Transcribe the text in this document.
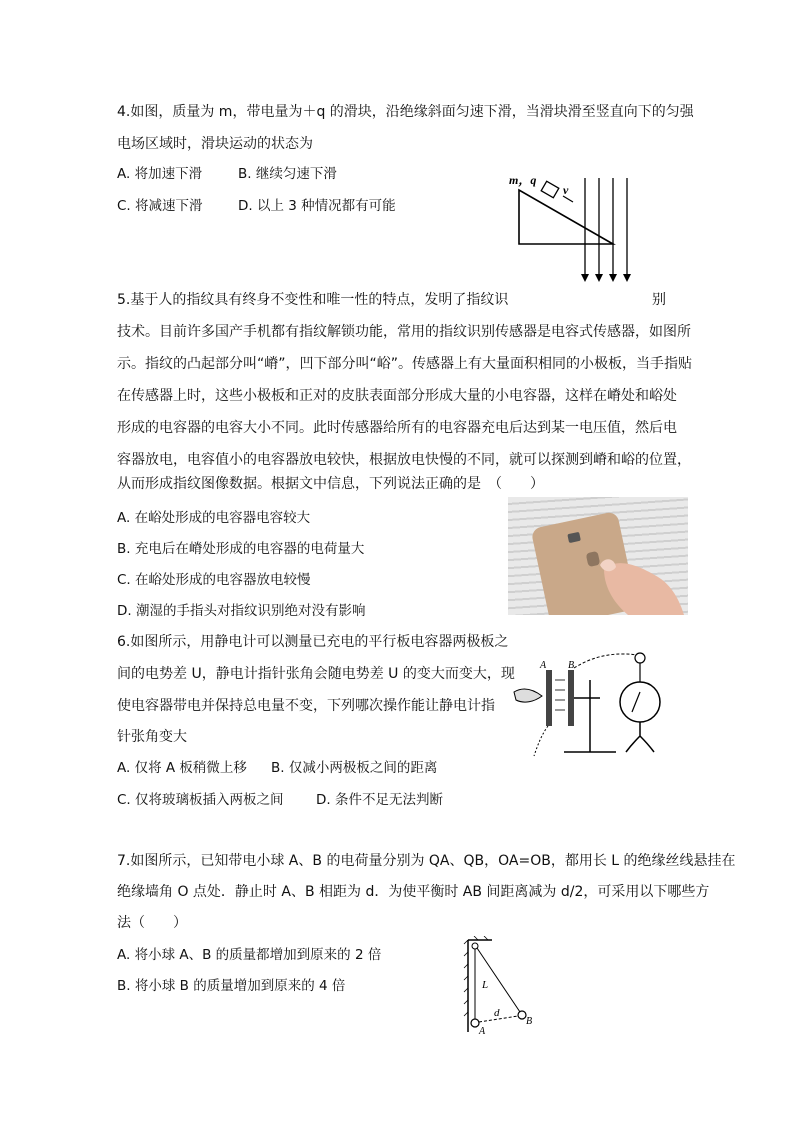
4.如图，质量为 m，带电量为＋q 的滑块，沿绝缘斜面匀速下滑，当滑块滑至竖直向下的匀强
电场区域时，滑块运动的状态为
A. 将加速下滑	B. 继续匀速下滑
C. 将减速下滑	D. 以上 3 种情况都有可能
m，q
v
5.基于人的指纹具有终身不变性和唯一性的特点，发明了指纹识	别
技术。目前许多国产手机都有指纹解锁功能，常用的指纹识别传感器是电容式传感器，如图所
示。指纹的凸起部分叫“嵴”，凹下部分叫“峪”。传感器上有大量面积相同的小极板，当手指贴
在传感器上时，这些小极板和正对的皮肤表面部分形成大量的小电容器，这样在嵴处和峪处
形成的电容器的电容大小不同。此时传感器给所有的电容器充电后达到某一电压值，然后电
容器放电，电容值小的电容器放电较快，根据放电快慢的不同，就可以探测到嵴和峪的位置，
从而形成指纹图像数据。根据文中信息，下列说法正确的是　（　　）
A. 在峪处形成的电容器电容较大
B. 充电后在嵴处形成的电容器的电荷量大
C. 在峪处形成的电容器放电较慢
D. 潮湿的手指头对指纹识别绝对没有影响
6.如图所示，用静电计可以测量已充电的平行板电容器两极板之
间的电势差 U，静电计指针张角会随电势差 U 的变大而变大，现
使电容器带电并保持总电量不变，下列哪次操作能让静电计指
针张角变大
A. 仅将 A 板稍微上移 B. 仅减小两极板之间的距离
C. 仅将玻璃板插入两板之间 D. 条件不足无法判断
A B
7.如图所示，已知带电小球 A、B 的电荷量分别为 QA、QB，OA=OB，都用长 L 的绝缘丝线悬挂在
绝缘墙角 O 点处．静止时 A、B 相距为 d．为使平衡时 AB 间距离减为 d/2，可采用以下哪些方
法（　　）
A. 将小球 A、B 的质量都增加到原来的 2 倍
B. 将小球 B 的质量增加到原来的 4 倍	L
d
A
B
